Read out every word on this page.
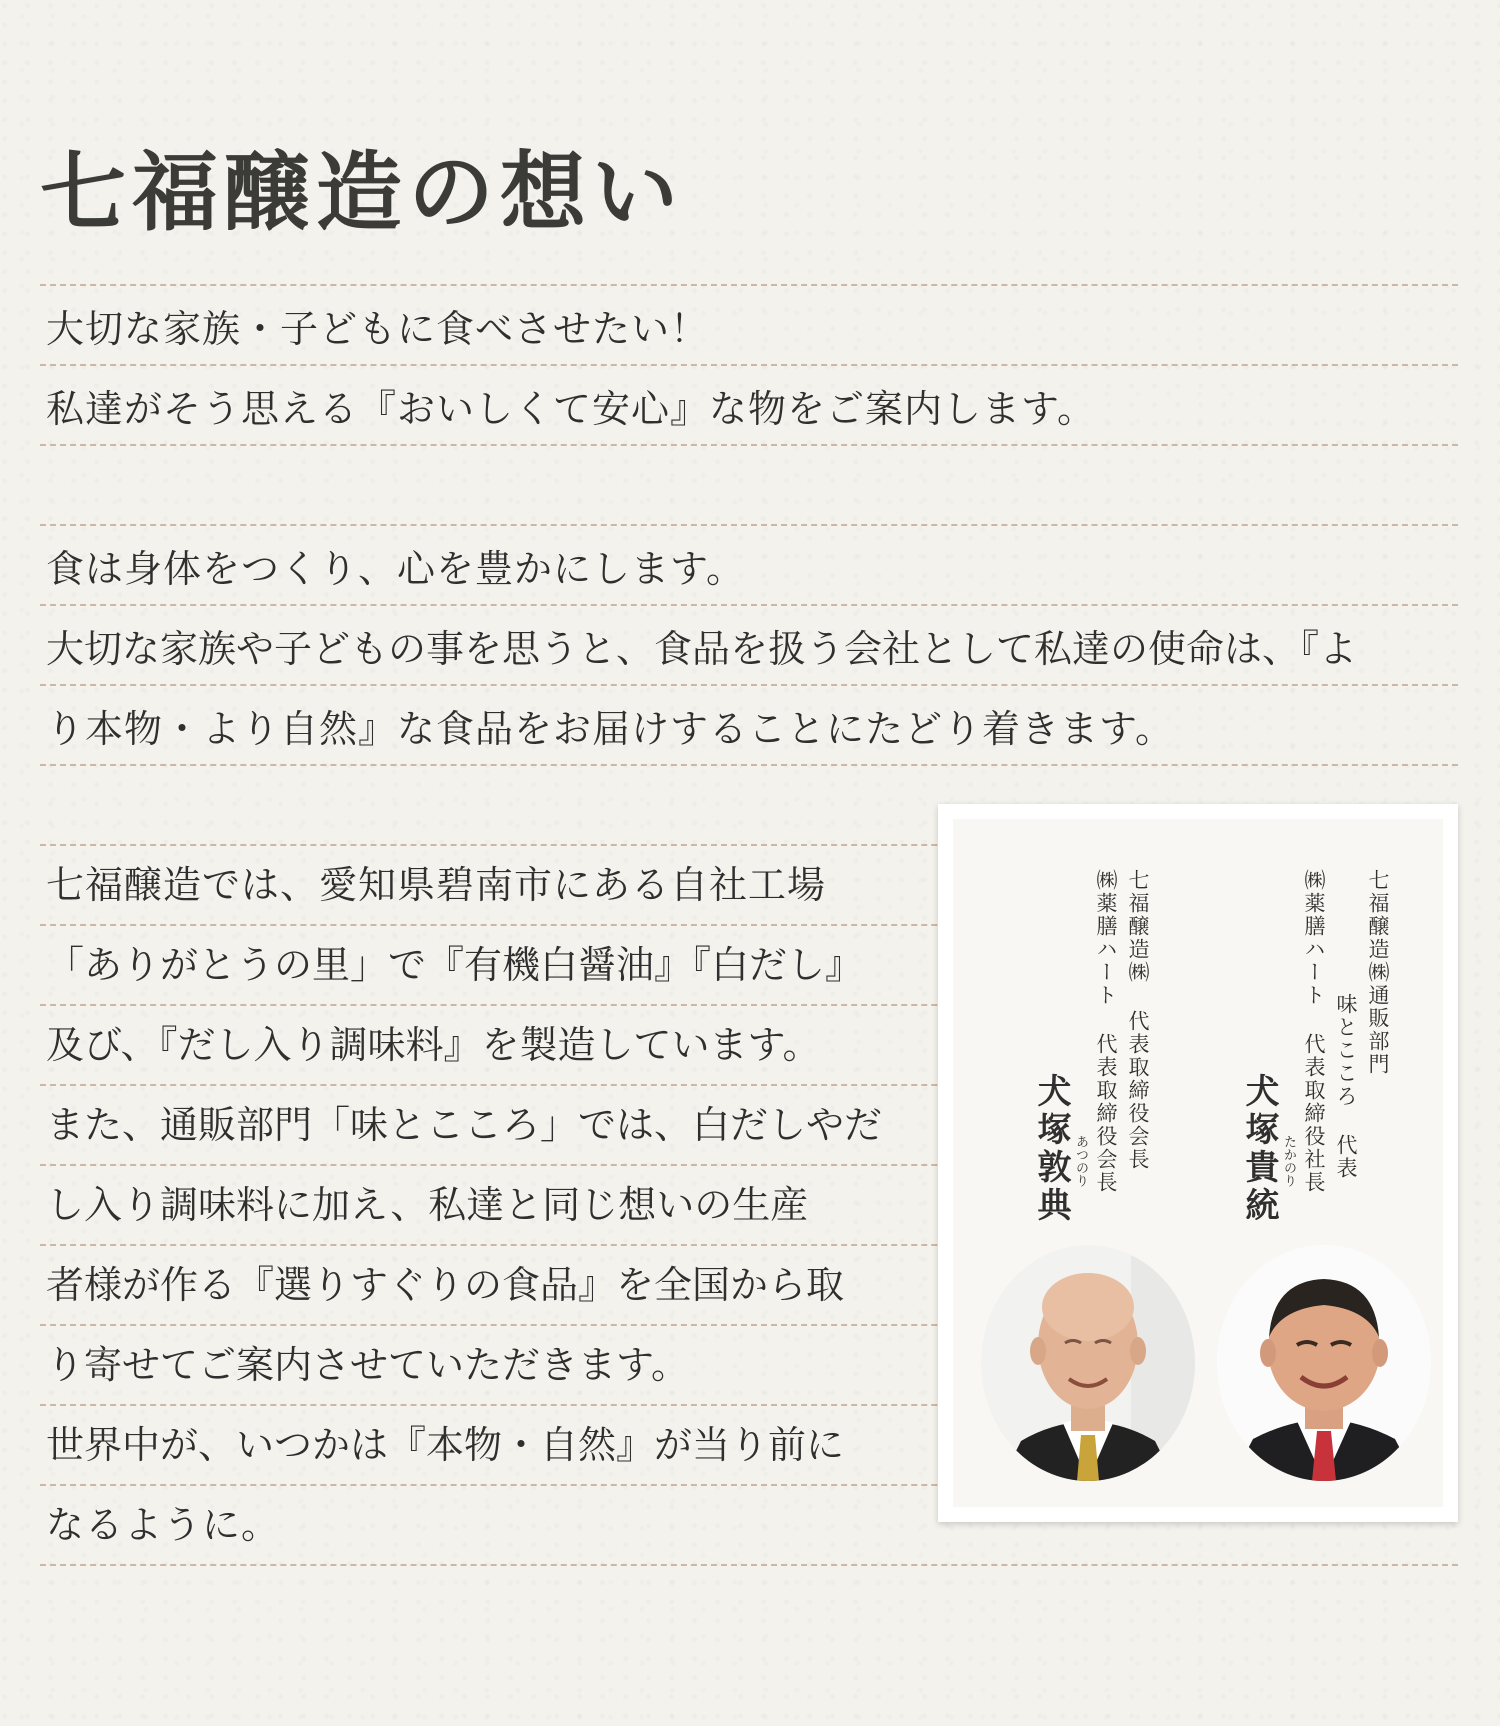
七福醸造の想い
大切な家族・子どもに食べさせたい！
私達がそう思える『おいしくて安心』な物をご案内します。
食は身体をつくり、心を豊かにします。
大切な家族や子どもの事を思うと、食品を扱う会社として私達の使命は、『よ
り本物・より自然』な食品をお届けすることにたどり着きます。
七福醸造では、愛知県碧南市にある自社工場
「ありがとうの里」で『有機白醤油』『白だし』
及び、『だし入り調味料』を製造しています。
また、通販部門「味とこころ」では、白だしやだ
し入り調味料に加え、私達と同じ想いの生産
者様が作る『選りすぐりの食品』を全国から取
り寄せてご案内させていただきます。
世界中が、いつかは『本物・自然』が当り前に
なるように。
七福醸造㈱通販部門
味とこころ 代表
㈱薬膳ハート 代表取締役社長
たかのり
犬塚貴統
七福醸造㈱ 代表取締役会長
㈱薬膳ハート 代表取締役会長
あつのり
犬塚敦典
